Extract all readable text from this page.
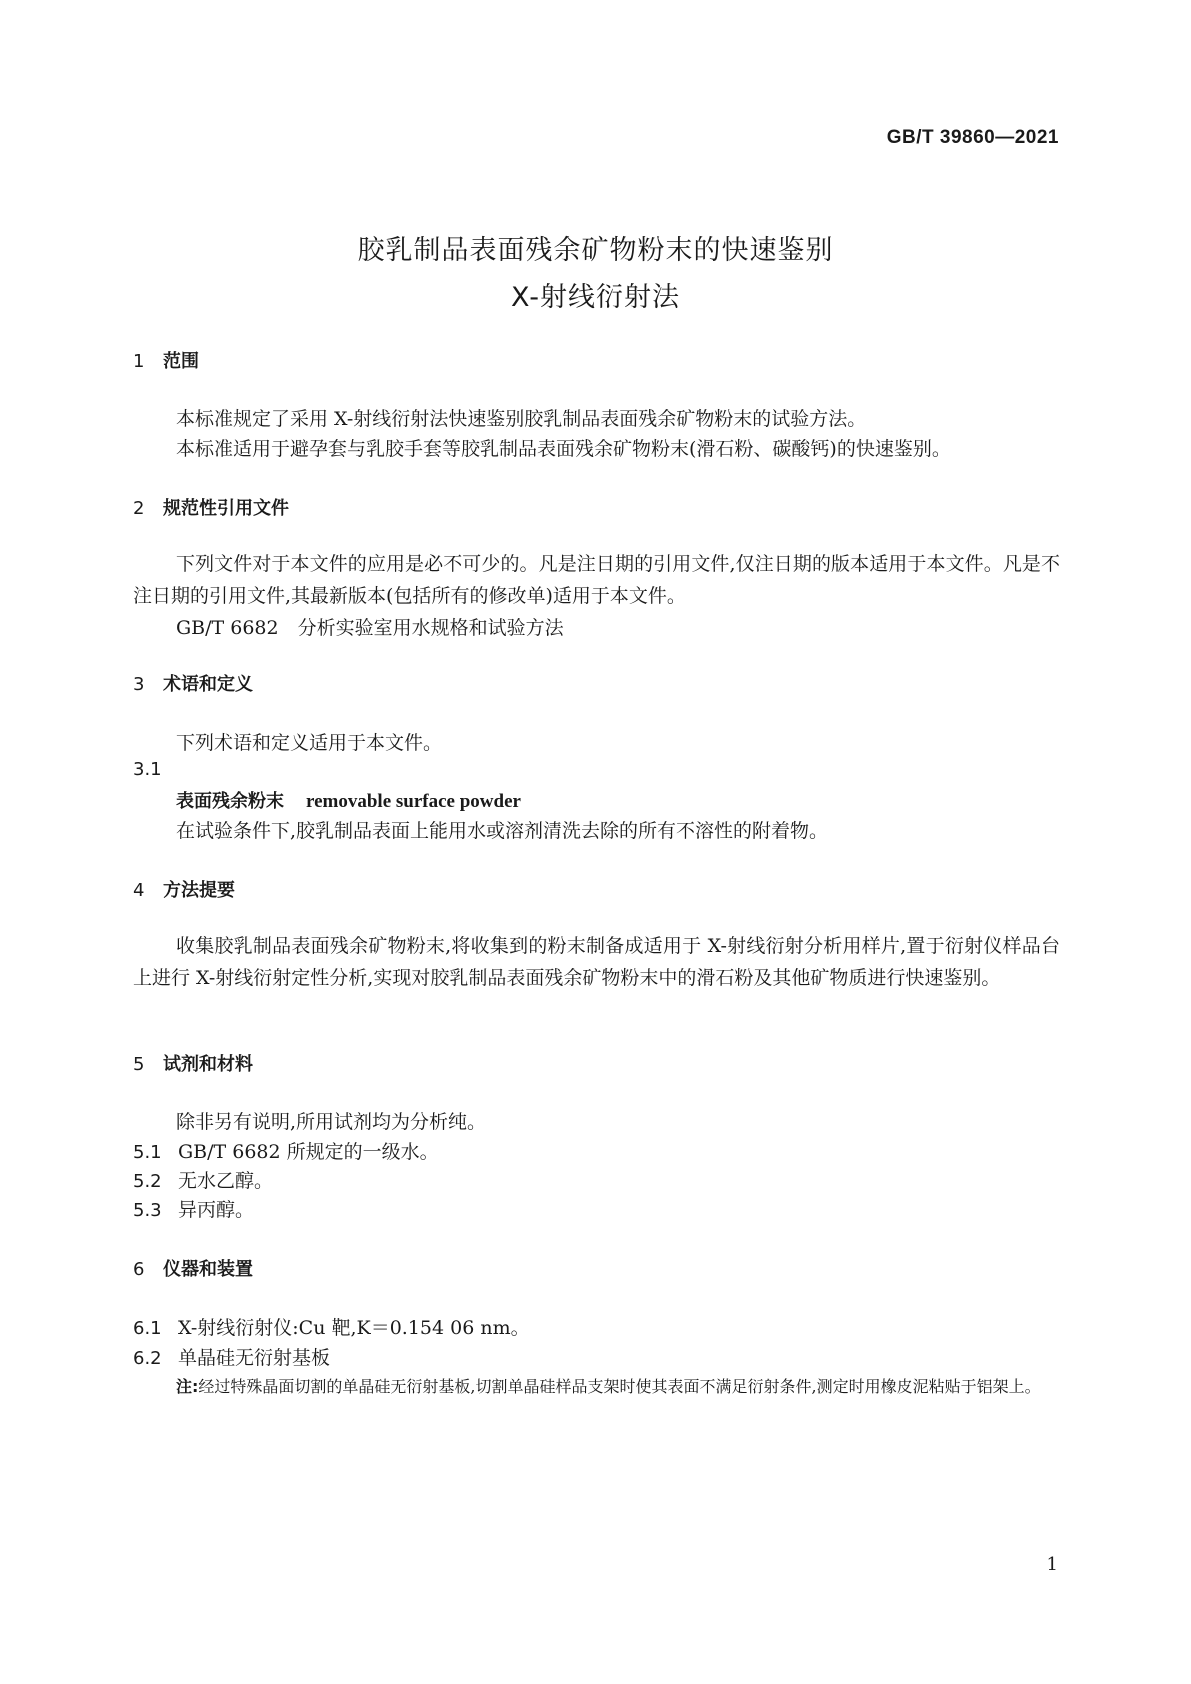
GB/T 39860—2021
胶乳制品表面残余矿物粉末的快速鉴别
X-射线衍射法
1 范围
本标准规定了采用 X-射线衍射法快速鉴别胶乳制品表面残余矿物粉末的试验方法。
本标准适用于避孕套与乳胶手套等胶乳制品表面残余矿物粉末(滑石粉、碳酸钙)的快速鉴别。
2 规范性引用文件
下列文件对于本文件的应用是必不可少的。凡是注日期的引用文件,仅注日期的版本适用于本文件。凡是不注日期的引用文件,其最新版本(包括所有的修改单)适用于本文件。
GB/T 6682　分析实验室用水规格和试验方法
3 术语和定义
下列术语和定义适用于本文件。
3.1
表面残余粉末 removable surface powder
在试验条件下,胶乳制品表面上能用水或溶剂清洗去除的所有不溶性的附着物。
4 方法提要
收集胶乳制品表面残余矿物粉末,将收集到的粉末制备成适用于 X-射线衍射分析用样片,置于衍射仪样品台上进行 X-射线衍射定性分析,实现对胶乳制品表面残余矿物粉末中的滑石粉及其他矿物质进行快速鉴别。
5 试剂和材料
除非另有说明,所用试剂均为分析纯。
5.1 GB/T 6682 所规定的一级水。
5.2 无水乙醇。
5.3 异丙醇。
6 仪器和装置
6.1 X-射线衍射仪:Cu 靶,K＝0.154 06 nm。
6.2 单晶硅无衍射基板
注:经过特殊晶面切割的单晶硅无衍射基板,切割单晶硅样品支架时使其表面不满足衍射条件,测定时用橡皮泥粘贴于铝架上。
1
